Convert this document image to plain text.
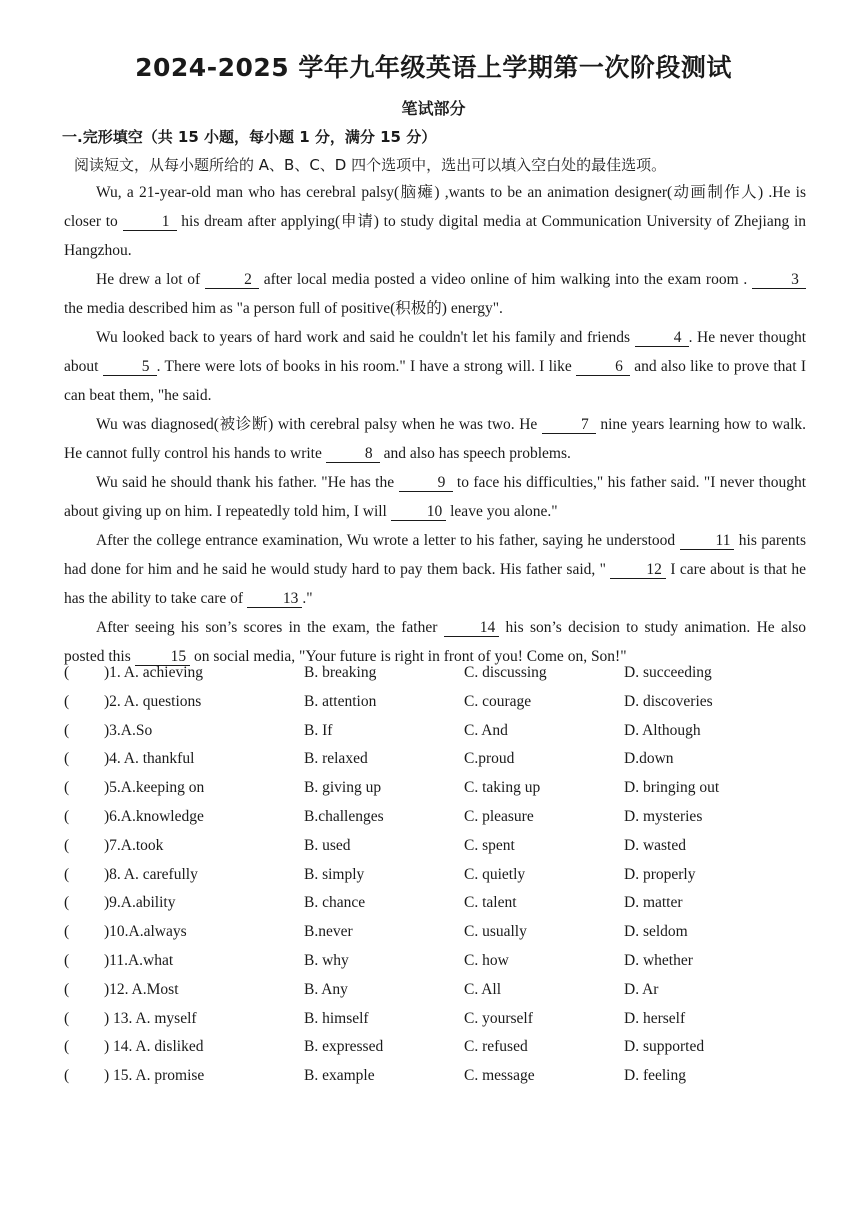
2024-2025 学年九年级英语上学期第一次阶段测试
笔试部分
一.完形填空（共 15 小题，每小题 1 分，满分 15 分）
阅读短文，从每小题所给的 A、B、C、D 四个选项中，选出可以填入空白处的最佳选项。

Wu, a 21-year-old man who has cerebral palsy(脑瘫) ,wants to be an animation designer(动画制作人) .He is closer to	1 his dream after applying(申请) to study digital media at Communication University of Zhejiang in Hangzhou.

He drew a lot of	2 after local media posted a video online of him walking into the exam room .	3 the media described him as "a person full of positive(积极的) energy".

Wu looked back to years of hard work and said he couldn't let his family and friends	4 . He never thought about	5 . There were lots of books in his room." I have a strong will. I like	6 and also like to prove that I can beat them, "he said.

Wu was diagnosed(被诊断) with cerebral palsy when he was two. He	7 nine years learning how to walk. He cannot fully control his hands to write	8 and also has speech problems.

Wu said he should thank his father. "He has the	9 to face his difficulties," his father said. "I never thought about giving up on him. I repeatedly told him, I will 10 leave you alone."

After the college entrance examination, Wu wrote a letter to his father, saying he understood 11 his parents had done for him and he said he would study hard to pay them back. His father said, " 12 I care about is that he has the ability to take care of 13 ."

After seeing his son’s scores in the exam, the father 14 his son’s decision to study animation. He also posted this 15 on social media, "Your future is right in front of you! Come on, Son!"

( )1. A. achieving	B. breaking	C. discussing	D. succeeding
( )2. A. questions	B. attention	C. courage	D. discoveries
( )3.A.So	B. If	C. And	D. Although
( )4. A. thankful	B. relaxed	C.proud	D.down
( )5.A.keeping on	B. giving up	C. taking up	D. bringing out
( )6.A.knowledge	B.challenges	C. pleasure	D. mysteries
( )7.A.took	B. used	C. spent	D. wasted
( )8. A. carefully	B. simply	C. quietly	D. properly
( )9.A.ability	B. chance	C. talent	D. matter
( )10.A.always	B.never	C. usually	D. seldom
( )11.A.what	B. why	C. how	D. whether
( )12. A.Most	B. Any	C. All	D. Ar
( ) 13. A. myself	B. himself	C. yourself	D. herself
( ) 14. A. disliked	B. expressed	C. refused	D. supported
( ) 15. A. promise	B. example	C. message	D. feeling
